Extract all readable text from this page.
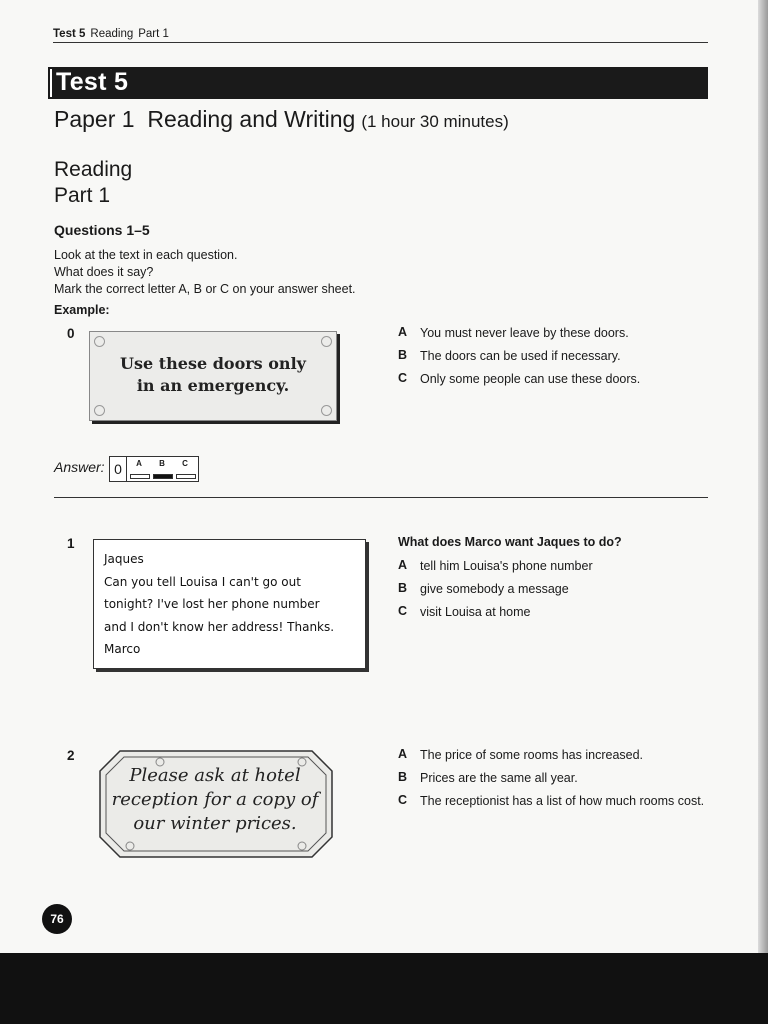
Test 5 Reading Part 1
Test 5
Paper 1  Reading and Writing (1 hour 30 minutes)
Reading
Part 1
Questions 1–5
Look at the text in each question.
What does it say?
Mark the correct letter A, B or C on your answer sheet.
Example:
0
Use these doors only
in an emergency.
A You must never leave by these doors.
B The doors can be used if necessary.
C Only some people can use these doors.
Answer: 0	A	B	C
1
Jaques
Can you tell Louisa I can't go out
tonight? I've lost her phone number
and I don't know her address! Thanks.
Marco
What does Marco want Jaques to do?
A tell him Louisa's phone number
B give somebody a message
C visit Louisa at home
2
Please ask at hotel
reception for a copy of
our winter prices.
A The price of some rooms has increased.
B Prices are the same all year.
C The receptionist has a list of how much rooms cost.
76
